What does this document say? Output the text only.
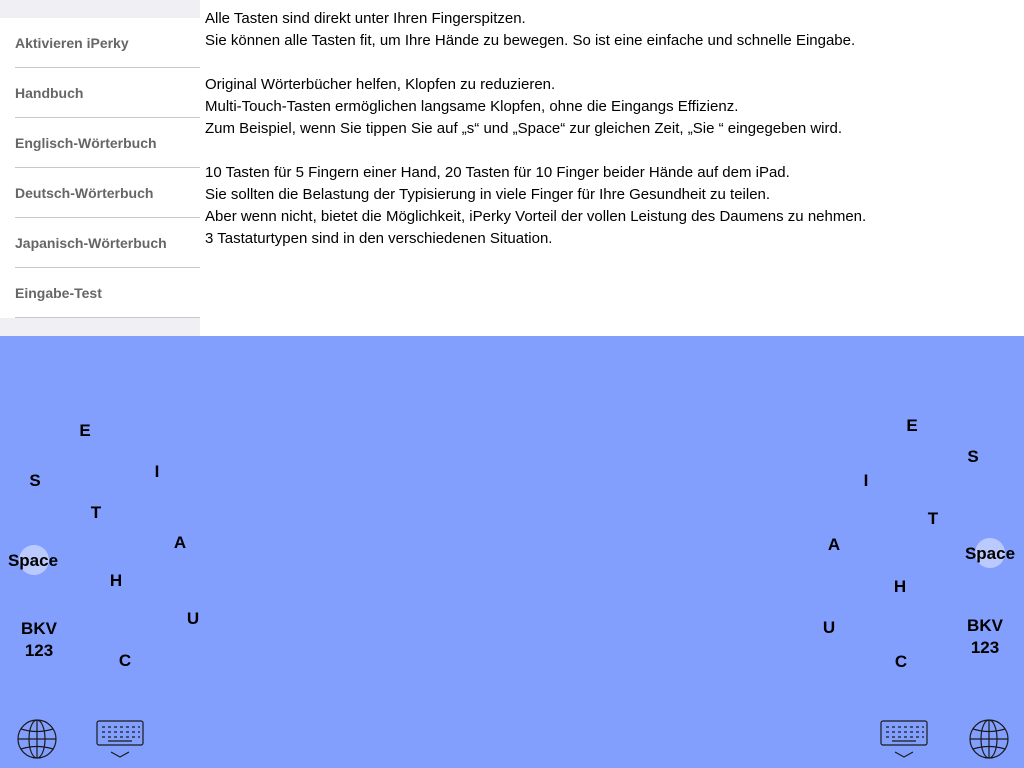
Aktivieren iPerky
Handbuch
Englisch-Wörterbuch
Deutsch-Wörterbuch
Japanisch-Wörterbuch
Eingabe-Test

Alle Tasten sind direkt unter Ihren Fingerspitzen.

Sie können alle Tasten fit, um Ihre Hände zu bewegen. So ist eine einfache und schnelle Eingabe.

Original Wörterbücher helfen, Klopfen zu reduzieren.

Multi-Touch-Tasten ermöglichen langsame Klopfen, ohne die Eingangs Effizienz.

Zum Beispiel, wenn Sie tippen Sie auf „s“ und „Space“ zur gleichen Zeit, „Sie “ eingegeben wird.

10 Tasten für 5 Fingern einer Hand, 20 Tasten für 10 Finger beider Hände auf dem iPad.

Sie sollten die Belastung der Typisierung in viele Finger für Ihre Gesundheit zu teilen.

Aber wenn nicht, bietet die Möglichkeit, iPerky Vorteil der vollen Leistung des Daumens zu nehmen.

3 Tastaturtypen sind in den verschiedenen Situation.

E
S	I
T
A
Space
H
U
BKV
123
C
E
S
I
T
A	Space
H
U	BKV
123
C
